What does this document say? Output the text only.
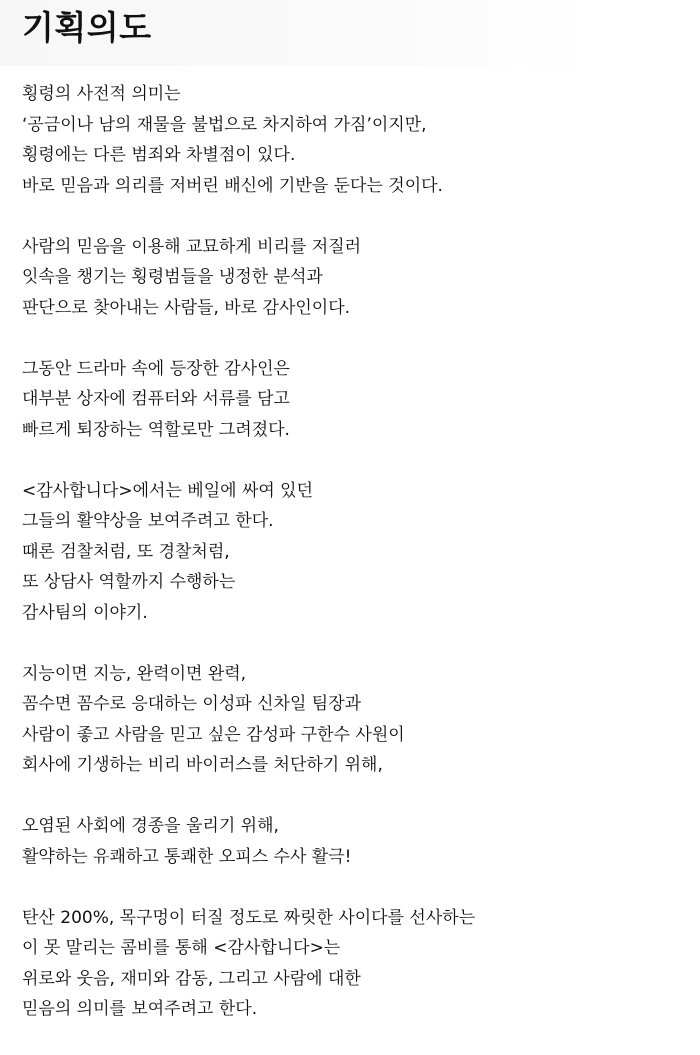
기획의도

횡령의 사전적 의미는
‘공금이나 남의 재물을 불법으로 차지하여 가짐’이지만,
횡령에는 다른 범죄와 차별점이 있다.
바로 믿음과 의리를 저버린 배신에 기반을 둔다는 것이다.

사람의 믿음을 이용해 교묘하게 비리를 저질러
잇속을 챙기는 횡령범들을 냉정한 분석과
판단으로 찾아내는 사람들, 바로 감사인이다.

그동안 드라마 속에 등장한 감사인은
대부분 상자에 컴퓨터와 서류를 담고
빠르게 퇴장하는 역할로만 그려졌다.

<감사합니다>에서는 베일에 싸여 있던
그들의 활약상을 보여주려고 한다.
때론 검찰처럼, 또 경찰처럼,
또 상담사 역할까지 수행하는
감사팀의 이야기.

지능이면 지능, 완력이면 완력,
꼼수면 꼼수로 응대하는 이성파 신차일 팀장과
사람이 좋고 사람을 믿고 싶은 감성파 구한수 사원이
회사에 기생하는 비리 바이러스를 처단하기 위해,

오염된 사회에 경종을 울리기 위해,
활약하는 유쾌하고 통쾌한 오피스 수사 활극!

탄산 200%, 목구멍이 터질 정도로 짜릿한 사이다를 선사하는
이 못 말리는 콤비를 통해 <감사합니다>는
위로와 웃음, 재미와 감동, 그리고 사람에 대한
믿음의 의미를 보여주려고 한다.
